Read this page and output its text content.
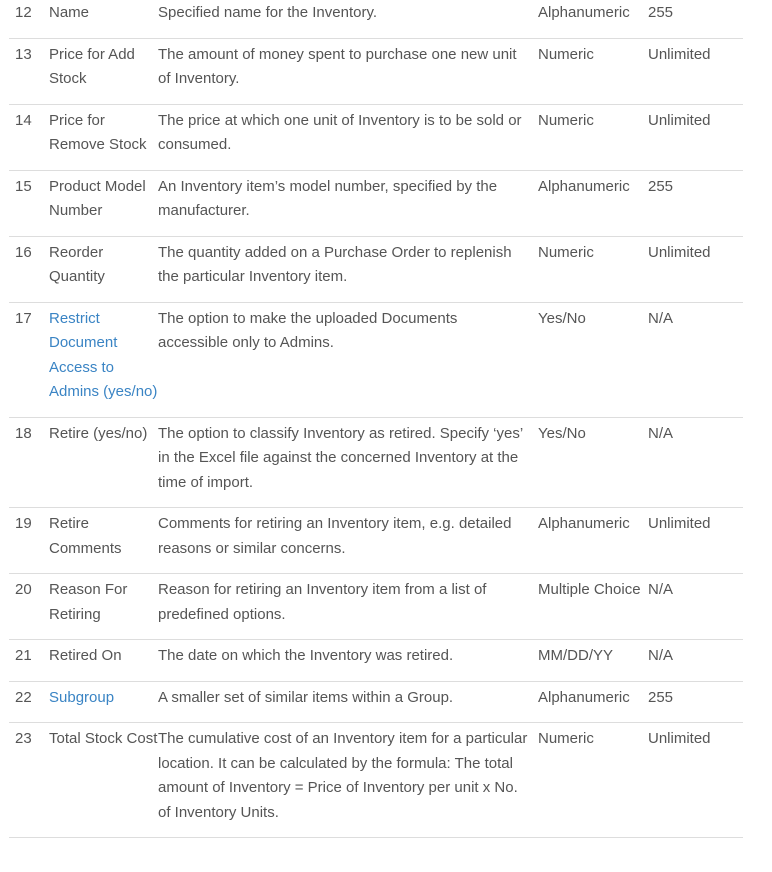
12	Name	Specified name for the Inventory.	Alphanumeric	255
13	Price for Add Stock	The amount of money spent to purchase one new unit of Inventory.	Numeric	Unlimited
14	Price for Remove Stock	The price at which one unit of Inventory is to be sold or consumed.	Numeric	Unlimited
15	Product Model Number	An Inventory item’s model number, specified by the manufacturer.	Alphanumeric	255
16	Reorder Quantity	The quantity added on a Purchase Order to replenish the particular Inventory item.	Numeric	Unlimited
17	Restrict Document Access to Admins (yes/no)	The option to make the uploaded Documents accessible only to Admins.	Yes/No	N/A
18	Retire (yes/no)	The option to classify Inventory as retired. Specify ‘yes’ in the Excel file against the concerned Inventory at the time of import.	Yes/No	N/A
19	Retire Comments	Comments for retiring an Inventory item, e.g. detailed reasons or similar concerns.	Alphanumeric	Unlimited
20	Reason For Retiring	Reason for retiring an Inventory item from a list of predefined options.	Multiple Choice	N/A
21	Retired On	The date on which the Inventory was retired.	MM/DD/YY	N/A
22	Subgroup	A smaller set of similar items within a Group.	Alphanumeric	255
23	Total Stock Cost	The cumulative cost of an Inventory item for a particular location. It can be calculated by the formula: The total amount of Inventory = Price of Inventory per unit x No. of Inventory Units.	Numeric	Unlimited
